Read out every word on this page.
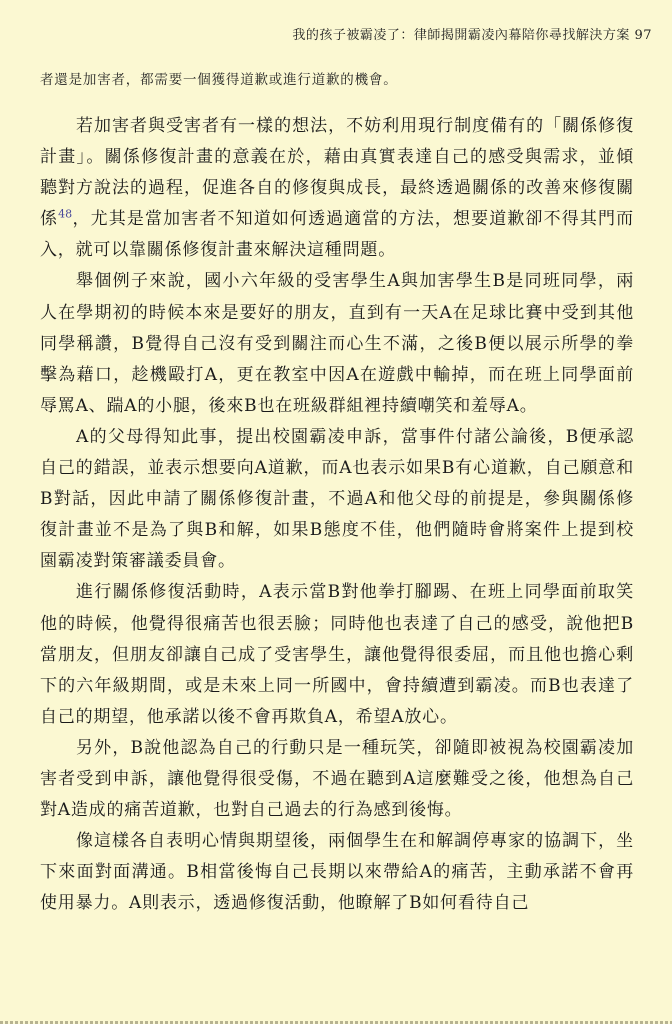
我的孩子被霸凌了：律師揭開霸凌內幕陪你尋找解決方案 97
者還是加害者，都需要一個獲得道歉或進行道歉的機會。

若加害者與受害者有一樣的想法，不妨利用現行制度備有的「關係修復計畫」。關係修復計畫的意義在於，藉由真實表達自己的感受與需求，並傾聽對方說法的過程，促進各自的修復與成長，最終透過關係的改善來修復關係$^{48}$，尤其是當加害者不知道如何透過適當的方法，想要道歉卻不得其門而入，就可以靠關係修復計畫來解決這種問題。

舉個例子來說，國小六年級的受害學生A與加害學生B是同班同學，兩人在學期初的時候本來是要好的朋友，直到有一天A在足球比賽中受到其他同學稱讚，B覺得自己沒有受到關注而心生不滿，之後B便以展示所學的拳擊為藉口，趁機毆打A，更在教室中因A在遊戲中輸掉，而在班上同學面前辱罵A、踹A的小腿，後來B也在班級群組裡持續嘲笑和羞辱A。

A的父母得知此事，提出校園霸凌申訴，當事件付諸公論後，B便承認自己的錯誤，並表示想要向A道歉，而A也表示如果B有心道歉，自己願意和B對話，因此申請了關係修復計畫，不過A和他父母的前提是，參與關係修復計畫並不是為了與B和解，如果B態度不佳，他們隨時會將案件上提到校園霸凌對策審議委員會。

進行關係修復活動時，A表示當B對他拳打腳踢、在班上同學面前取笑他的時候，他覺得很痛苦也很丟臉；同時他也表達了自己的感受，說他把B當朋友，但朋友卻讓自己成了受害學生，讓他覺得很委屈，而且他也擔心剩下的六年級期間，或是未來上同一所國中，會持續遭到霸凌。而B也表達了自己的期望，他承諾以後不會再欺負A，希望A放心。

另外，B說他認為自己的行動只是一種玩笑，卻隨即被視為校園霸凌加害者受到申訴，讓他覺得很受傷，不過在聽到A這麼難受之後，他想為自己對A造成的痛苦道歉，也對自己過去的行為感到後悔。

像這樣各自表明心情與期望後，兩個學生在和解調停專家的協調下，坐下來面對面溝通。B相當後悔自己長期以來帶給A的痛苦，主動承諾不會再使用暴力。A則表示，透過修復活動，他瞭解了B如何看待自己
